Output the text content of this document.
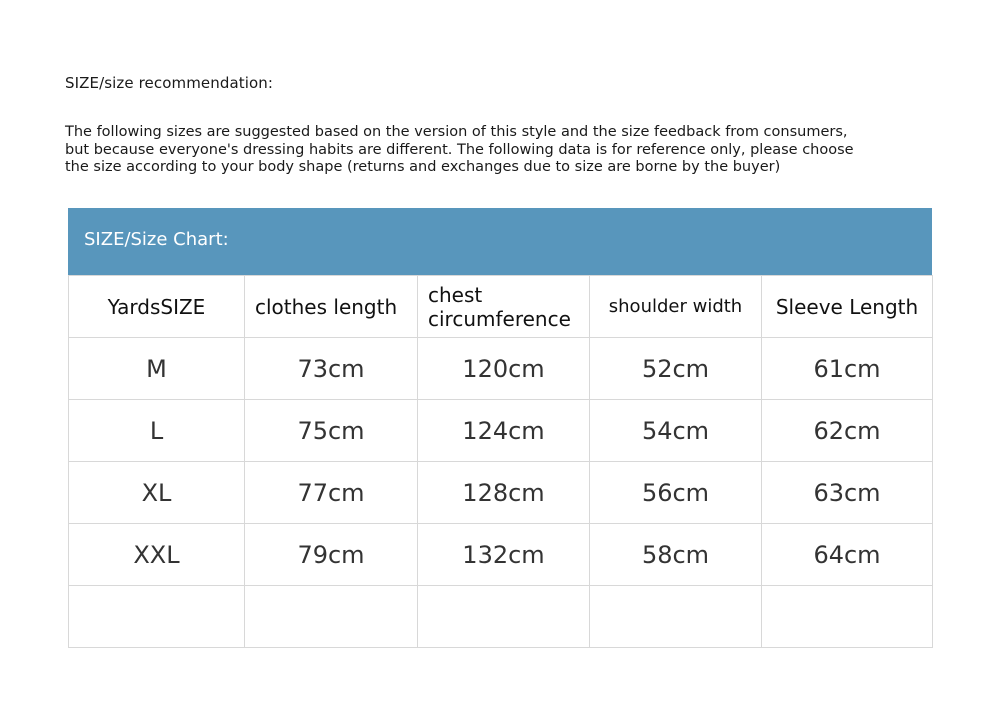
SIZE/size recommendation:
The following sizes are suggested based on the version of this style and the size feedback from consumers,
but because everyone's dressing habits are different. The following data is for reference only, please choose
the size according to your body shape (returns and exchanges due to size are borne by the buyer)
SIZE/Size Chart:
YardsSIZE	clothes length	chest circumference	shoulder width	Sleeve Length
M	73cm	120cm	52cm	61cm
L	75cm	124cm	54cm	62cm
XL	77cm	128cm	56cm	63cm
XXL	79cm	132cm	58cm	64cm
